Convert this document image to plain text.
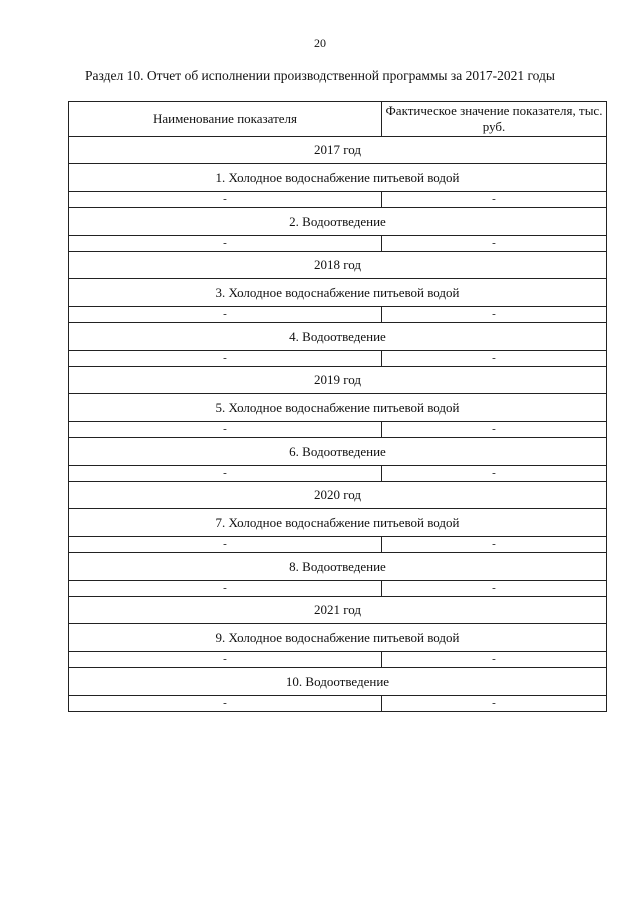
20
Раздел 10. Отчет об исполнении производственной программы за 2017-2021 годы
Наименование показателя	Фактическое значение показателя, тыс. руб.
2017 год	
1. Холодное водоснабжение питьевой водой	
-	-
2. Водоотведение	
-	-
2018 год	
3. Холодное водоснабжение питьевой водой	
-	-
4. Водоотведение	
-	-
2019 год	
5. Холодное водоснабжение питьевой водой	
-	-
6. Водоотведение	
-	-
2020 год	
7. Холодное водоснабжение питьевой водой	
-	-
8. Водоотведение	
-	-
2021 год	
9. Холодное водоснабжение питьевой водой	
-	-
10. Водоотведение	
-	-
